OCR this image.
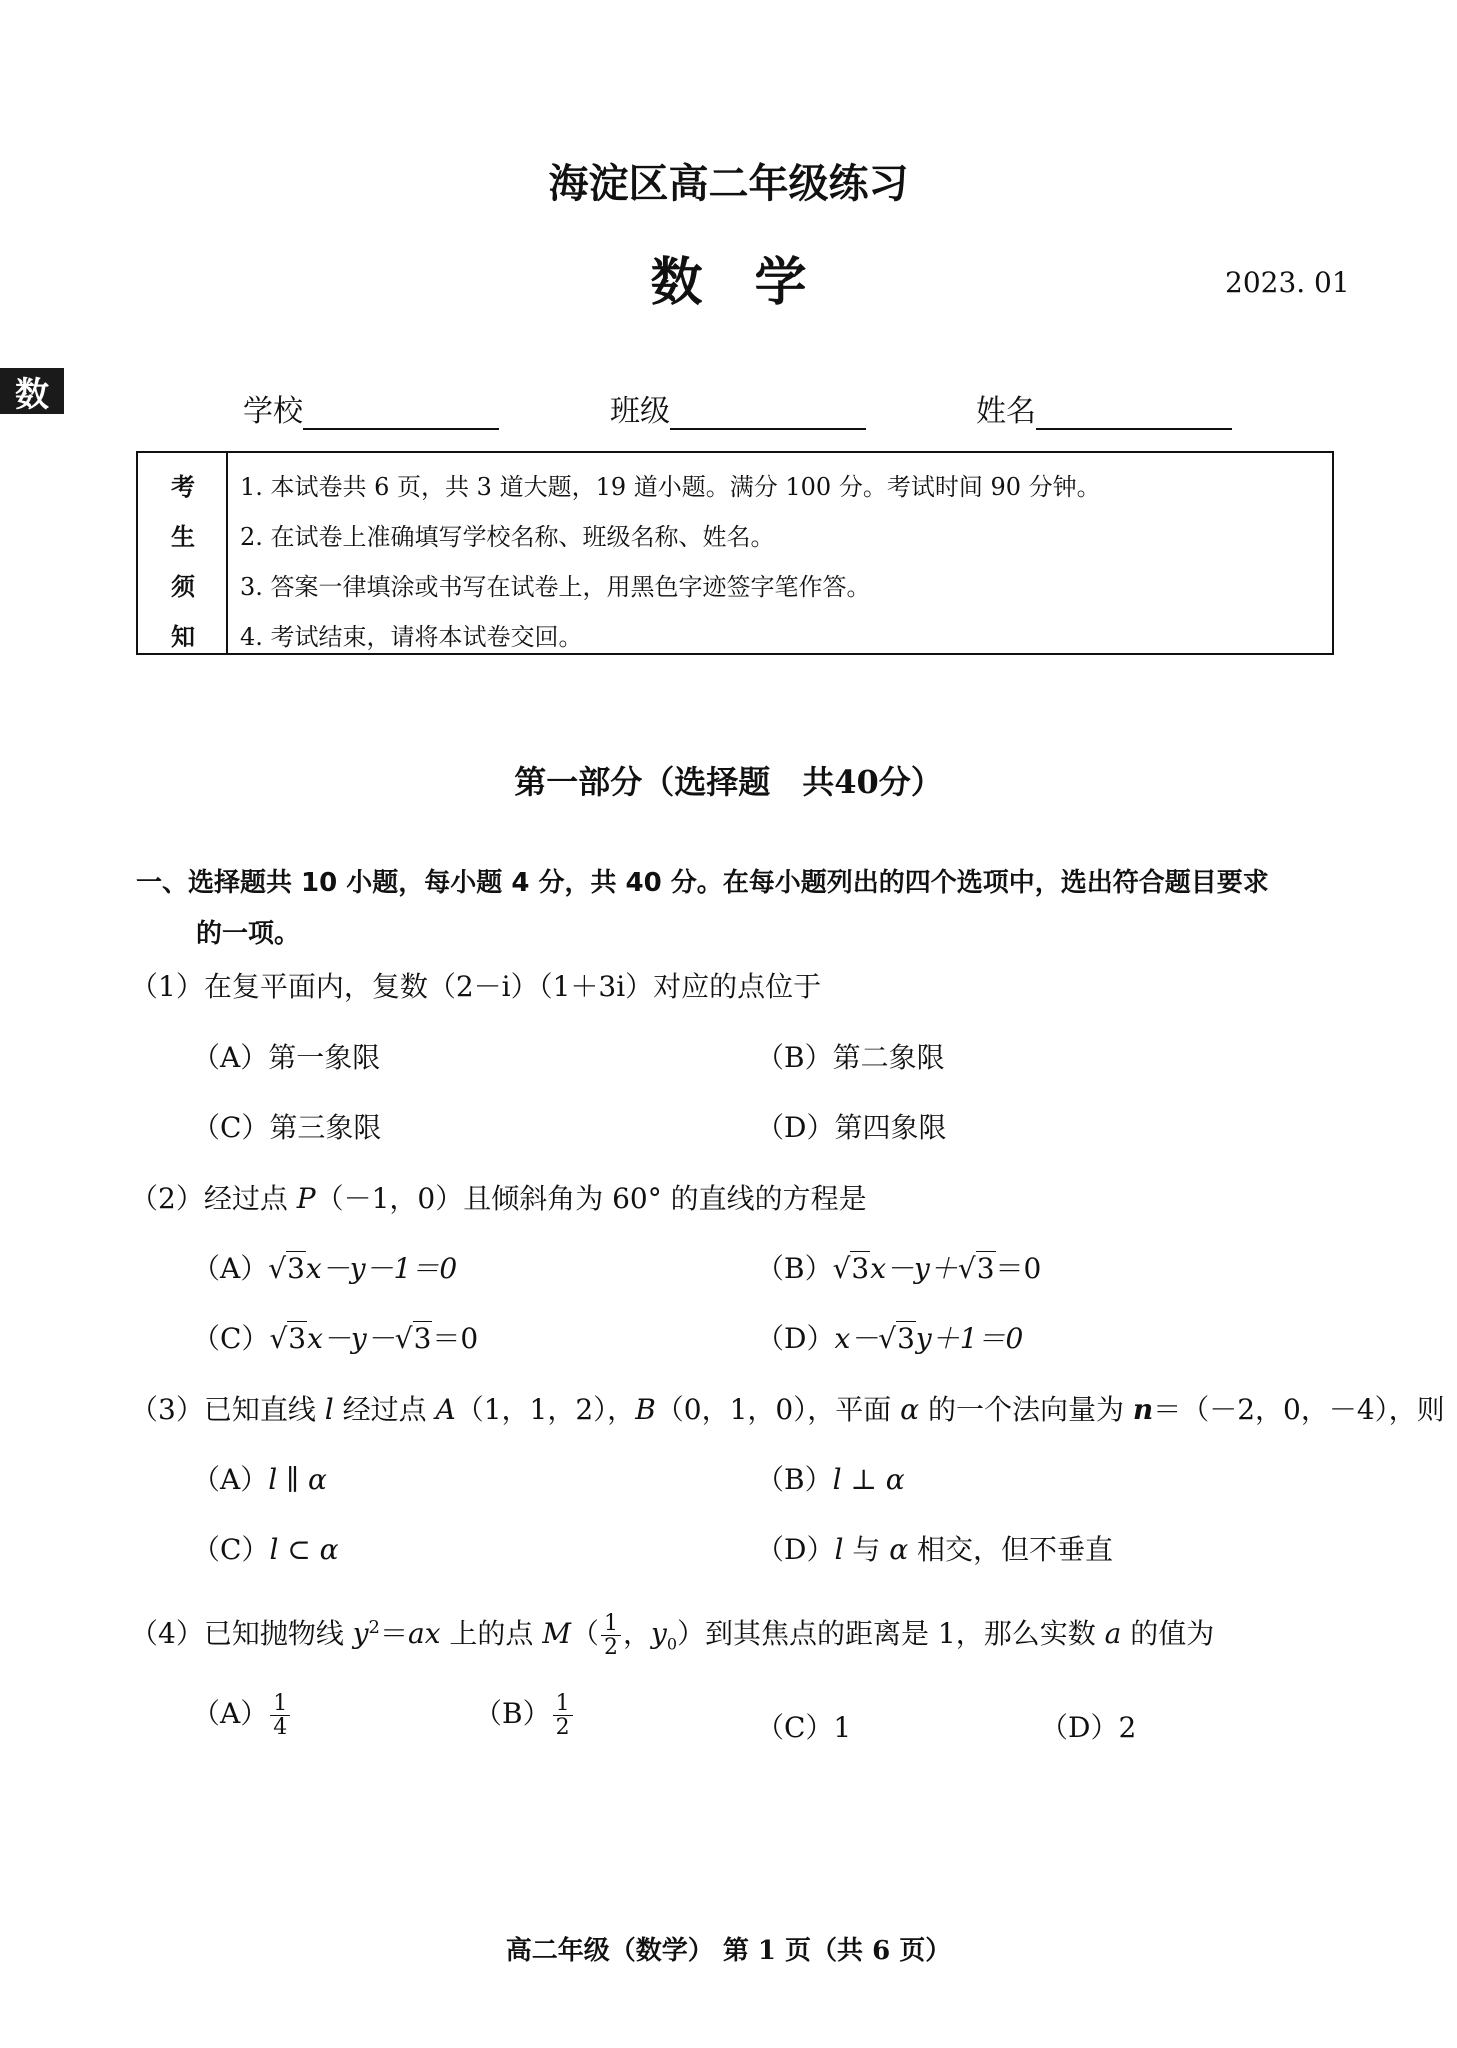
海淀区高二年级练习
数　学	2023. 01
数	学校	班级	姓名
考
生
须
知
1. 本试卷共 6 页，共 3 道大题，19 道小题。满分 100 分。考试时间 90 分钟。
2. 在试卷上准确填写学校名称、班级名称、姓名。
3. 答案一律填涂或书写在试卷上，用黑色字迹签字笔作答。
4. 考试结束，请将本试卷交回。
第一部分（选择题　共40分）
一、选择题共 10 小题，每小题 4 分，共 40 分。在每小题列出的四个选项中，选出符合题目要求
的一项。
（1）在复平面内，复数（2－i）（1＋3i）对应的点位于
（A）第一象限	（B）第二象限
（C）第三象限	（D）第四象限
（2）经过点 P（－1，0）且倾斜角为 60° 的直线的方程是
（A）√3x－y－1＝0	（B）√3x－y＋√3＝0
（C）√3x－y－√3＝0	（D）x－√3y＋1＝0
（3）已知直线 l 经过点 A（1，1，2），B（0，1，0），平面 α 的一个法向量为 n＝（－2，0，－4），则
（A）l ∥ α	（B）l ⊥ α
（C）l ⊂ α	（D）l 与 α 相交，但不垂直
（4）已知抛物线 $y^2=ax$ 上的点 $M( \frac{1}{2}$ ，$y_0$）到其焦点的距离是 1，那么实数 a 的值为
$(A) \frac{1}{4}$	$(B) \frac{1}{2}$	（C）1	（D）2
高二年级（数学） 第 1 页（共 6 页）
